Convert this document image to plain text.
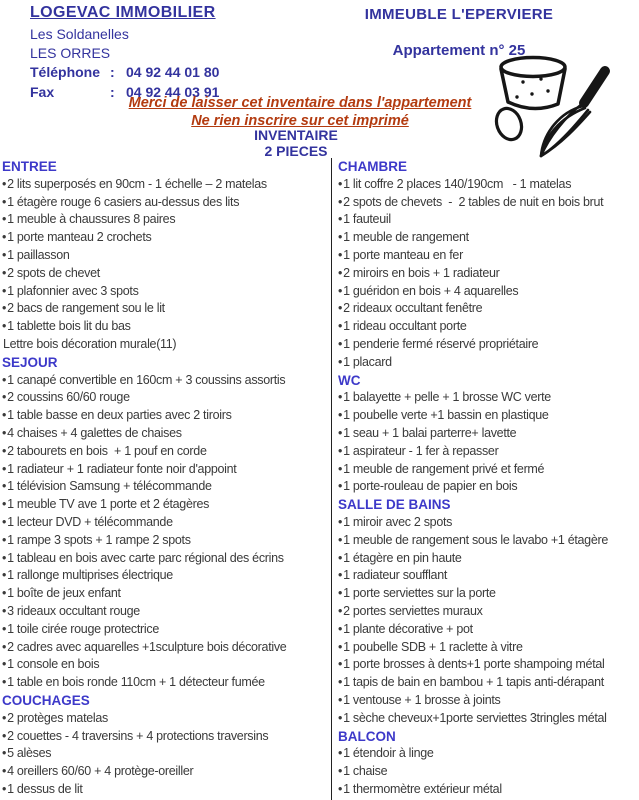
LOGEVAC IMMOBILIER
Les Soldanelles
LES ORRES
Téléphone : 04 92 44 01 80
Fax	: 04 92 44 03 91
IMMEUBLE L'EPERVIERE
Appartement n° 25
Merci de laisser cet inventaire dans l'appartement
Ne rien inscrire sur cet imprimé
INVENTAIRE
2 PIECES
ENTREE
•2 lits superposés en 90cm - 1 échelle – 2 matelas
•1 étagère rouge 6 casiers au-dessus des lits
•1 meuble à chaussures 8 paires
•1 porte manteau 2 crochets
•1 paillasson
•2 spots de chevet
•1 plafonnier avec 3 spots
•2 bacs de rangement sou le lit
•1 tablette bois lit du bas
Lettre bois décoration murale(11)
SEJOUR
•1 canapé convertible en 160cm + 3 coussins assortis
•2 coussins 60/60 rouge
•1 table basse en deux parties avec 2 tiroirs
•4 chaises + 4 galettes de chaises
•2 tabourets en bois  + 1 pouf en corde
•1 radiateur + 1 radiateur fonte noir d'appoint
•1 télévision Samsung + télécommande
•1 meuble TV ave 1 porte et 2 étagères
•1 lecteur DVD + télécommande
•1 rampe 3 spots + 1 rampe 2 spots
•1 tableau en bois avec carte parc régional des écrins
•1 rallonge multiprises électrique
•1 boîte de jeux enfant
•3 rideaux occultant rouge
•1 toile cirée rouge protectrice
•2 cadres avec aquarelles +1sculpture bois décorative
•1 console en bois
•1 table en bois ronde 110cm + 1 détecteur fumée
COUCHAGES
•2 protèges matelas
•2 couettes - 4 traversins + 4 protections traversins
•5 alèses
•4 oreillers 60/60 + 4 protège-oreiller
•1 dessus de lit
CHAMBRE
•1 lit coffre 2 places 140/190cm   - 1 matelas
•2 spots de chevets  -  2 tables de nuit en bois brut
•1 fauteuil
•1 meuble de rangement
•1 porte manteau en fer
•2 miroirs en bois + 1 radiateur
•1 guéridon en bois + 4 aquarelles
•2 rideaux occultant fenêtre
•1 rideau occultant porte
•1 penderie fermé réservé propriétaire
•1 placard
WC
•1 balayette + pelle + 1 brosse WC verte
•1 poubelle verte +1 bassin en plastique
•1 seau + 1 balai parterre+ lavette
•1 aspirateur - 1 fer à repasser
•1 meuble de rangement privé et fermé
•1 porte-rouleau de papier en bois
SALLE DE BAINS
•1 miroir avec 2 spots
•1 meuble de rangement sous le lavabo +1 étagère
•1 étagère en pin haute
•1 radiateur soufflant
•1 porte serviettes sur la porte
•2 portes serviettes muraux
•1 plante décorative + pot
•1 poubelle SDB + 1 raclette à vitre
•1 porte brosses à dents+1 porte shampoing métal
•1 tapis de bain en bambou + 1 tapis anti-dérapant
•1 ventouse + 1 brosse à joints
•1 sèche cheveux+1porte serviettes 3tringles métal
BALCON
•1 étendoir à linge
•1 chaise
•1 thermomètre extérieur métal
